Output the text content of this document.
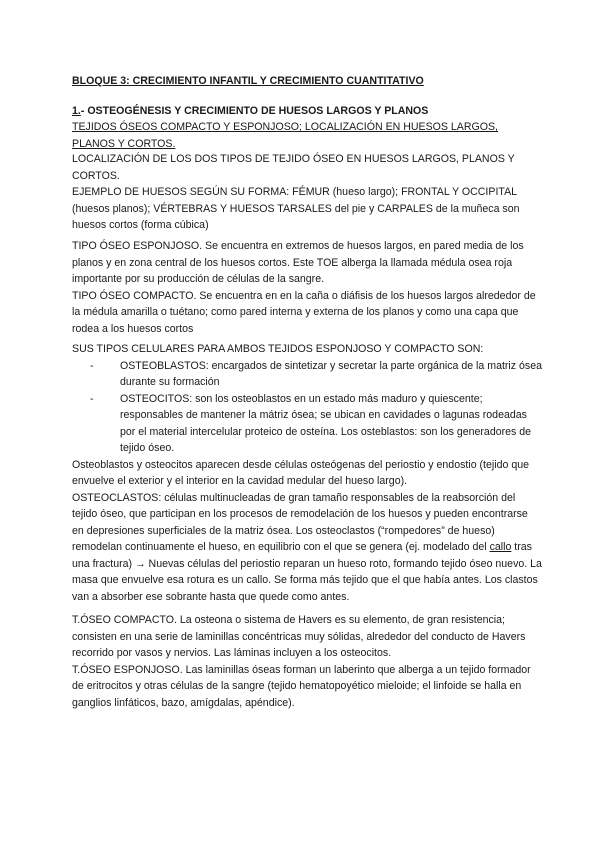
BLOQUE 3: CRECIMIENTO INFANTIL Y CRECIMIENTO CUANTITATIVO
1.- OSTEOGÉNESIS Y CRECIMIENTO DE HUESOS LARGOS Y PLANOS
TEJIDOS ÓSEOS COMPACTO Y ESPONJOSO; LOCALIZACIÓN EN HUESOS LARGOS, PLANOS Y CORTOS.

LOCALIZACIÓN DE LOS DOS TIPOS DE TEJIDO ÓSEO EN HUESOS LARGOS, PLANOS Y CORTOS.

EJEMPLO DE HUESOS SEGÚN SU FORMA: FÉMUR (hueso largo); FRONTAL Y OCCIPITAL (huesos planos); VÉRTEBRAS Y HUESOS TARSALES del pie y CARPALES de la muñeca son huesos cortos (forma cúbica)

TIPO ÓSEO ESPONJOSO. Se encuentra en extremos de huesos largos, en pared media de los planos y en zona central de los huesos cortos. Este TOE alberga la llamada médula osea roja importante por su producción de células de la sangre.

TIPO ÓSEO COMPACTO. Se encuentra en en la caña o diáfisis de los huesos largos alrededor de la médula amarilla o tuétano; como pared interna y externa de los planos y como una capa que rodea a los huesos cortos

SUS TIPOS CELULARES PARA AMBOS TEJIDOS ESPONJOSO Y COMPACTO SON:

- OSTEOBLASTOS: encargados de sintetizar y secretar la parte orgánica de la matriz ósea durante su formación
- OSTEOCITOS: son los osteoblastos en un estado más maduro y quiescente; responsables de mantener la mátriz ósea; se ubican en cavidades o lagunas rodeadas por el material intercelular proteico de osteína. Los osteblastos: son los generadores de tejido óseo.

Osteoblastos y osteocitos aparecen desde células osteógenas del periostio y endostio (tejido que envuelve el exterior y el interior en la cavidad medular del hueso largo).

OSTEOCLASTOS: células multinucleadas de gran tamaño responsables de la reabsorción del tejido óseo, que participan en los procesos de remodelación de los huesos y pueden encontrarse en depresiones superficiales de la matriz ósea. Los osteoclastos (“rompedores” de hueso) remodelan continuamente el hueso, en equilibrio con el que se genera (ej. modelado del callo tras una fractura) → Nuevas células del periostio reparan un hueso roto, formando tejido óseo nuevo. La masa que envuelve esa rotura es un callo. Se forma más tejido que el que había antes. Los clastos van a absorber ese sobrante hasta que quede como antes.

T.ÓSEO COMPACTO. La osteona o sistema de Havers es su elemento, de gran resistencia; consisten en una serie de laminillas concéntricas muy sólidas, alrededor del conducto de Havers recorrido por vasos y nervios. Las láminas incluyen a los osteocitos.

T.ÓSEO ESPONJOSO. Las laminillas óseas forman un laberinto que alberga a un tejido formador de eritrocitos y otras células de la sangre (tejido hematopoyético mieloide; el linfoide se halla en ganglios linfáticos, bazo, amígdalas, apéndice).
